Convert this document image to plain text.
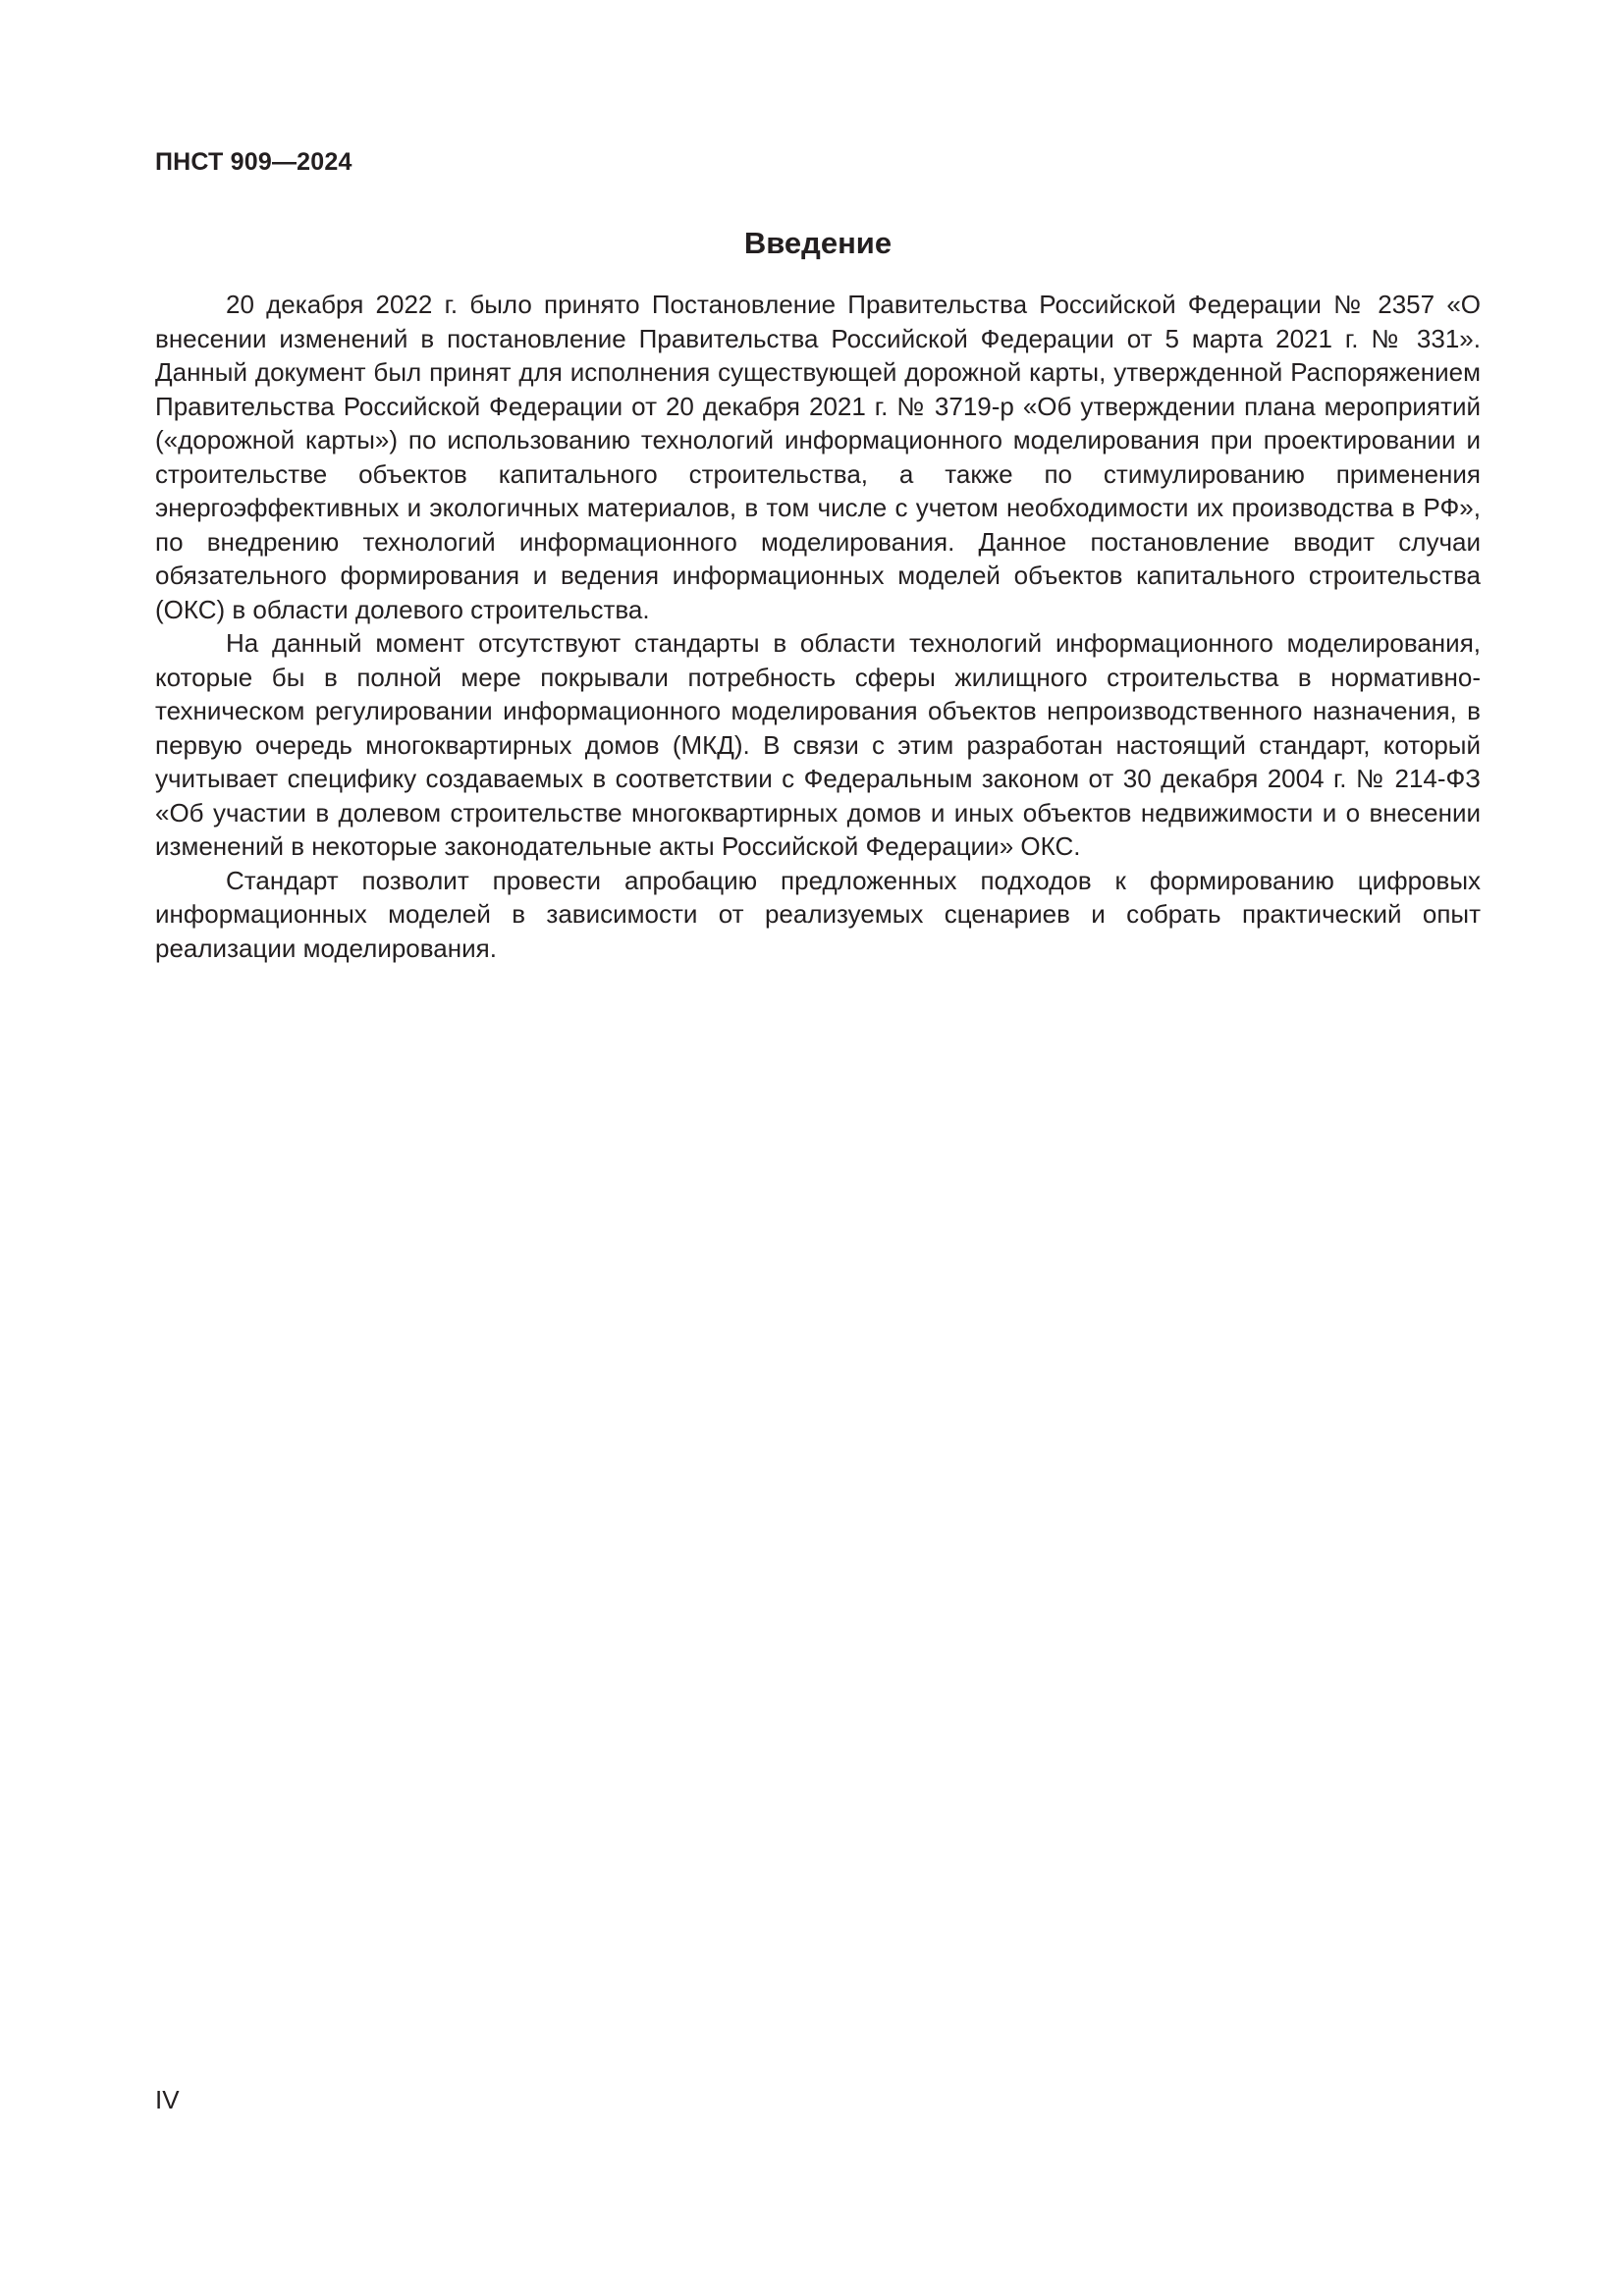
ПНСТ 909—2024
Введение

20 декабря 2022 г. было принято Постановление Правительства Российской Федерации № 2357 «О внесении изменений в постановление Правительства Российской Федерации от 5 марта 2021 г. № 331». Данный документ был принят для исполнения существующей дорожной карты, утвержденной Распоряжением Правительства Российской Федерации от 20 декабря 2021 г. № 3719-р «Об утверждении плана мероприятий («дорожной карты») по использованию технологий информационного моделирования при проектировании и строительстве объектов капитального строительства, а также по стимулированию применения энергоэффективных и экологичных материалов, в том числе с учетом необходимости их производства в РФ», по внедрению технологий информационного моделирования. Данное постановление вводит случаи обязательного формирования и ведения информационных моделей объектов капитального строительства (ОКС) в области долевого строительства.

На данный момент отсутствуют стандарты в области технологий информационного моделирования, которые бы в полной мере покрывали потребность сферы жилищного строительства в нормативно-техническом регулировании информационного моделирования объектов непроизводственного назначения, в первую очередь многоквартирных домов (МКД). В связи с этим разработан настоящий стандарт, который учитывает специфику создаваемых в соответствии с Федеральным законом от 30 декабря 2004 г. № 214-ФЗ «Об участии в долевом строительстве многоквартирных домов и иных объектов недвижимости и о внесении изменений в некоторые законодательные акты Российской Федерации» ОКС.

Стандарт позволит провести апробацию предложенных подходов к формированию цифровых информационных моделей в зависимости от реализуемых сценариев и собрать практический опыт реализации моделирования.

IV
